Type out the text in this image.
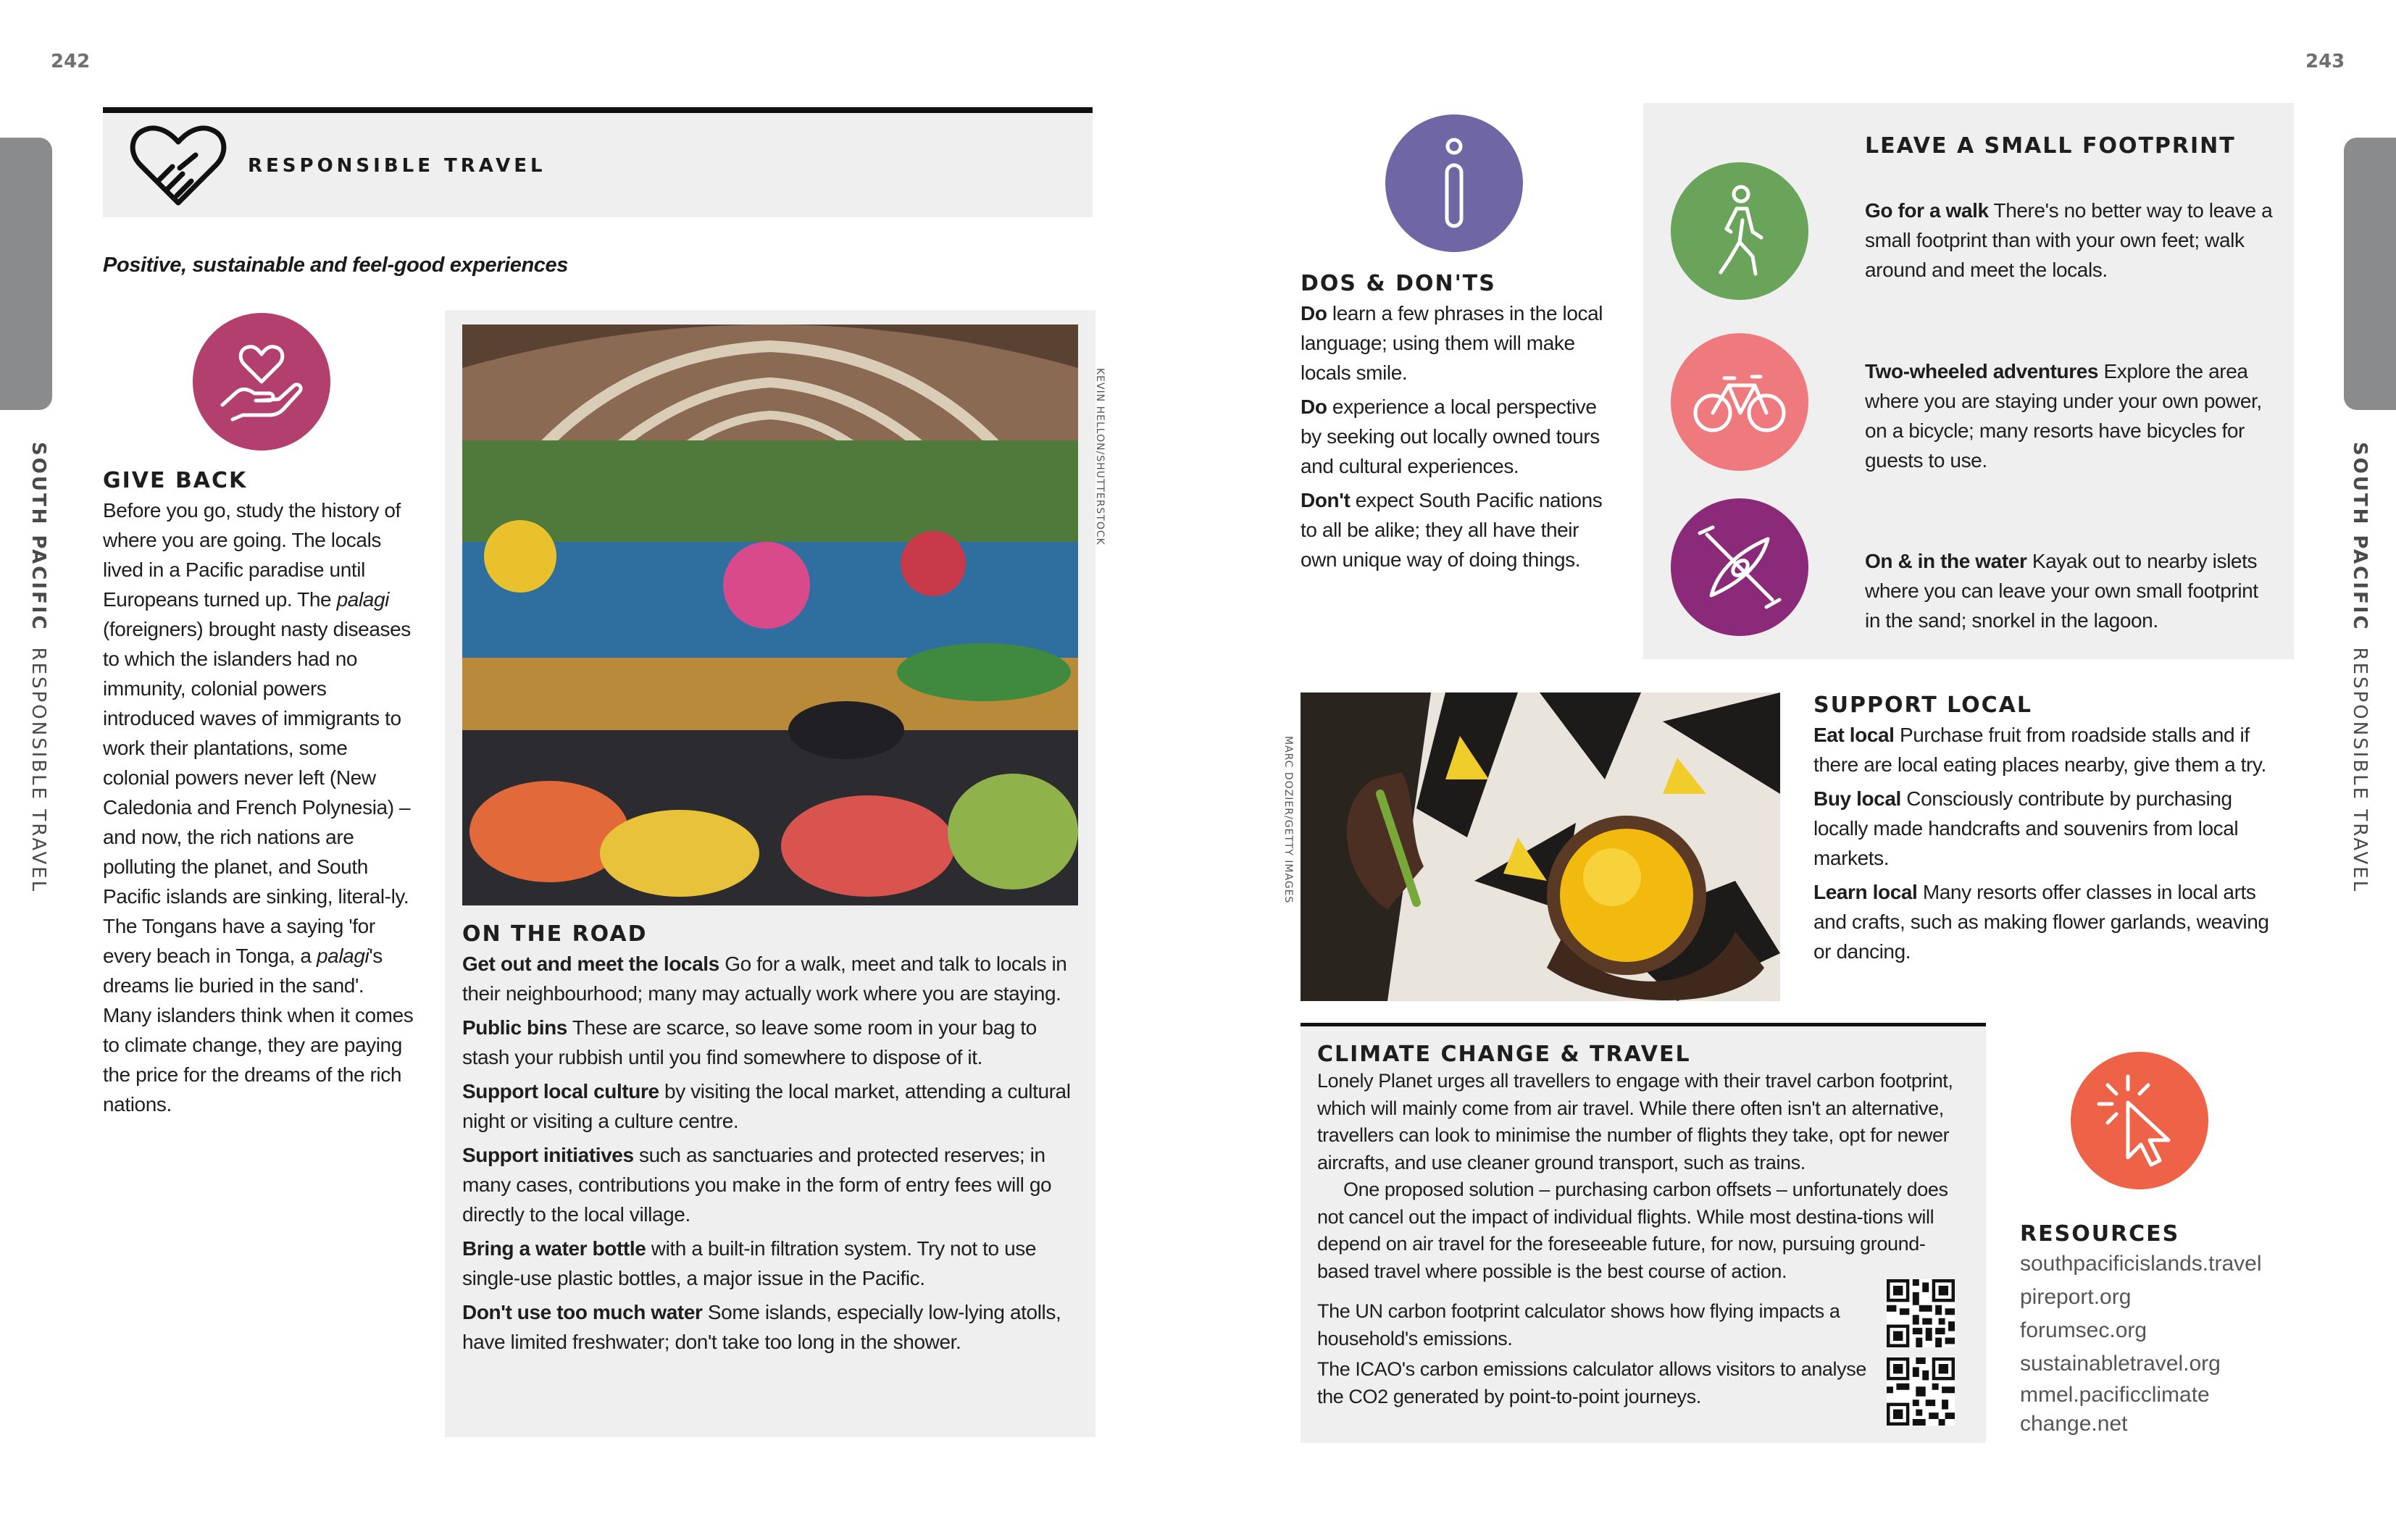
242	243
SOUTH PACIFICRESPONSIBLE TRAVEL
SOUTH PACIFICRESPONSIBLE TRAVEL
RESPONSIBLE TRAVEL
Positive, sustainable and feel-good experiences
GIVE BACK
Before you go, study the history of where you are going. The locals lived in a Pacific paradise until Europeans turned up. The palagi (foreigners) brought nasty diseases to which the islanders had no immunity, colonial powers introduced waves of immigrants to work their plantations, some colonial powers never left (New Caledonia and French Polynesia) – and now, the rich nations are polluting the planet, and South Pacific islands are sinking, literal-ly. The Tongans have a saying 'for every beach in Tonga, a palagi's dreams lie buried in the sand'. Many islanders think when it comes to climate change, they are paying the price for the dreams of the rich nations.
KEVIN HELLON/SHUTTERSTOCK
ON THE ROAD

Get out and meet the locals Go for a walk, meet and talk to locals in their neighbourhood; many may actually work where you are staying.

Public bins These are scarce, so leave some room in your bag to stash your rubbish until you find somewhere to dispose of it.

Support local culture by visiting the local market, attending a cultural night or visiting a culture centre.

Support initiatives such as sanctuaries and protected reserves; in many cases, contributions you make in the form of entry fees will go directly to the local village.

Bring a water bottle with a built-in filtration system. Try not to use single-use plastic bottles, a major issue in the Pacific.

Don't use too much water Some islands, especially low-lying atolls, have limited freshwater; don't take too long in the shower.

DOS & DON'TS

Do learn a few phrases in the local language; using them will make locals smile.

Do experience a local perspective by seeking out locally owned tours and cultural experiences.

Don't expect South Pacific nations to all be alike; they all have their own unique way of doing things.

LEAVE A SMALL FOOTPRINT
Go for a walk There's no better way to leave a small footprint than with your own feet; walk around and meet the locals.
Two-wheeled adventures Explore the area where you are staying under your own power, on a bicycle; many resorts have bicycles for guests to use.
On & in the water Kayak out to nearby islets where you can leave your own small footprint in the sand; snorkel in the lagoon.
MARC DOZIER/GETTY IMAGES
SUPPORT LOCAL

Eat local Purchase fruit from roadside stalls and if there are local eating places nearby, give them a try.

Buy local Consciously contribute by purchasing locally made handcrafts and souvenirs from local markets.

Learn local Many resorts offer classes in local arts and crafts, such as making flower garlands, weaving or dancing.

CLIMATE CHANGE & TRAVEL
Lonely Planet urges all travellers to engage with their travel carbon footprint, which will mainly come from air travel. While there often isn't an alternative, travellers can look to minimise the number of flights they take, opt for newer aircrafts, and use cleaner ground transport, such as trains.
One proposed solution – purchasing carbon offsets – unfortunately does not cancel out the impact of individual flights. While most destina-tions will depend on air travel for the foreseeable future, for now, pursuing ground-based travel where possible is the best course of action.
The UN carbon footprint calculator shows how flying impacts a household's emissions.
The ICAO's carbon emissions calculator allows visitors to analyse the CO2 generated by point-to-point journeys.
RESOURCES
southpacificislands.travel
pireport.org
forumsec.org
sustainabletravel.org
mmel.pacificclimate
change.net
